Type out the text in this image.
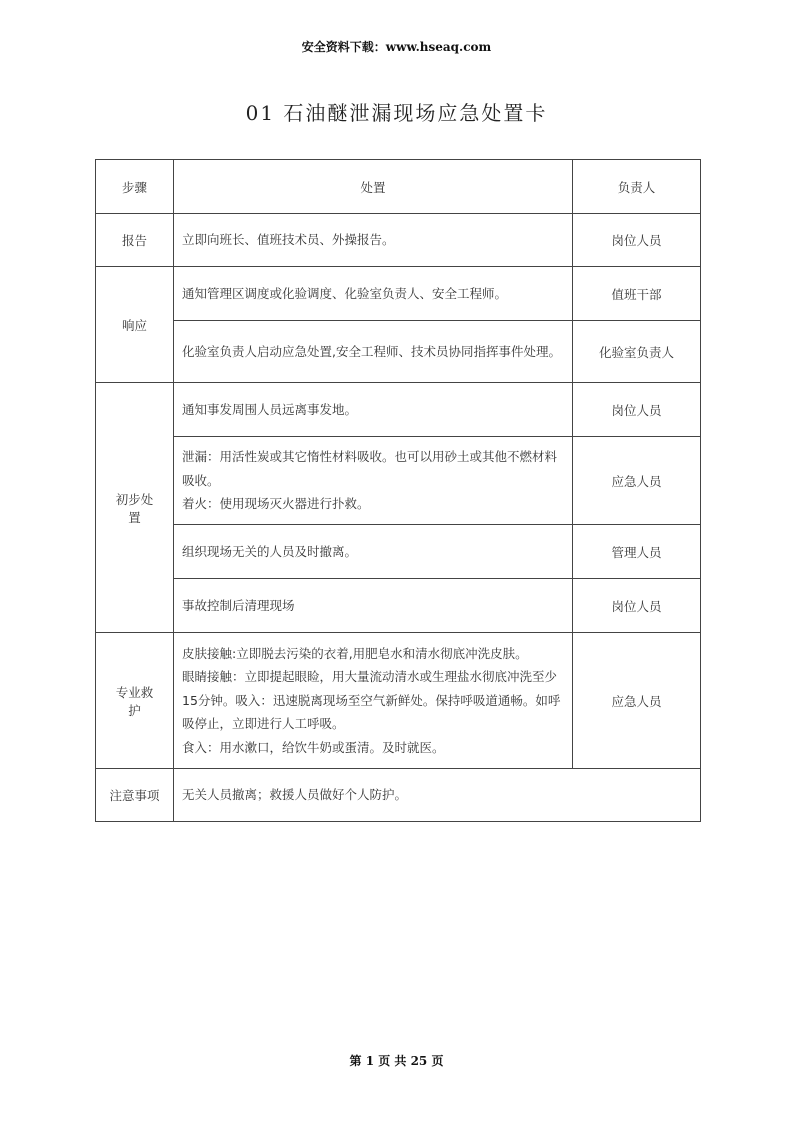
安全资料下载：www.hseaq.com
01 石油醚泄漏现场应急处置卡
步骤	处置	负责人
报告	立即向班长、值班技术员、外操报告。	岗位人员
响应	通知管理区调度或化验调度、化验室负责人、安全工程师。	值班干部

	化验室负责人启动应急处置,安全工程师、技术员协同指挥事件处理。	化验室负责人
初步处置	通知事发周围人员远离事发地。	岗位人员

	泄漏：用活性炭或其它惰性材料吸收。也可以用砂土或其他不燃材料吸收。
着火：使用现场灭火器进行扑救。	应急人员

	组织现场无关的人员及时撤离。	管理人员

	事故控制后清理现场	岗位人员
专业救护	皮肤接触:立即脱去污染的衣着,用肥皂水和清水彻底冲洗皮肤。
眼睛接触：立即提起眼睑，用大量流动清水或生理盐水彻底冲洗至少15分钟。吸入：迅速脱离现场至空气新鲜处。保持呼吸道通畅。如呼吸停止，立即进行人工呼吸。
食入：用水漱口，给饮牛奶或蛋清。及时就医。	应急人员
注意事项	无关人员撤离；救援人员做好个人防护。	
第 1 页 共 25 页
